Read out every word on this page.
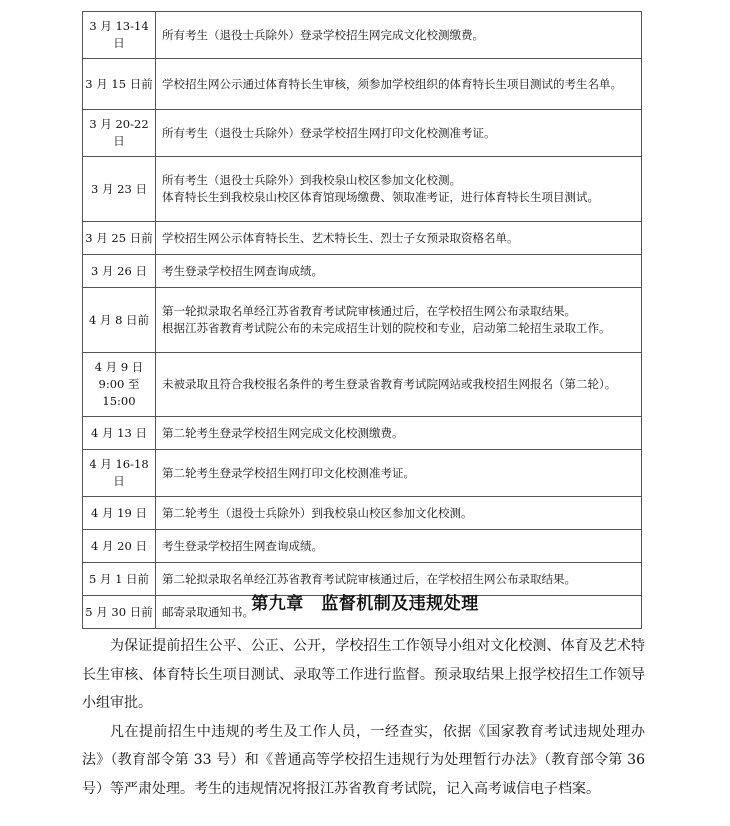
3 月 13-14 日	所有考生（退役士兵除外）登录学校招生网完成文化校测缴费。
3 月 15 日前	学校招生网公示通过体育特长生审核，须参加学校组织的体育特长生项目测试的考生名单。
3 月 20-22 日	所有考生（退役士兵除外）登录学校招生网打印文化校测准考证。
3 月 23 日	所有考生（退役士兵除外）到我校泉山校区参加文化校测。
体育特长生到我校泉山校区体育馆现场缴费、领取准考证，进行体育特长生项目测试。

3 月 25 日前	学校招生网公示体育特长生、艺术特长生、烈士子女预录取资格名单。
3 月 26 日	考生登录学校招生网查询成绩。
4 月 8 日前	第一轮拟录取名单经江苏省教育考试院审核通过后，在学校招生网公布录取结果。
根据江苏省教育考试院公布的未完成招生计划的院校和专业，启动第二轮招生录取工作。

4 月 9 日 9:00 至 15:00	未被录取且符合我校报名条件的考生登录省教育考试院网站或我校招生网报名（第二轮）。
4 月 13 日	第二轮考生登录学校招生网完成文化校测缴费。
4 月 16-18 日	第二轮考生登录学校招生网打印文化校测准考证。
4 月 19 日	第二轮考生（退役士兵除外）到我校泉山校区参加文化校测。
4 月 20 日	考生登录学校招生网查询成绩。
5 月 1 日前	第二轮拟录取名单经江苏省教育考试院审核通过后，在学校招生网公布录取结果。
5 月 30 日前	邮寄录取通知书。
第九章　监督机制及违规处理

为保证提前招生公平、公正、公开，学校招生工作领导小组对文化校测、体育及艺术特长生审核、体育特长生项目测试、录取等工作进行监督。预录取结果上报学校招生工作领导小组审批。

凡在提前招生中违规的考生及工作人员，一经查实，依据《国家教育考试违规处理办法》（教育部令第 33 号）和《普通高等学校招生违规行为处理暂行办法》（教育部令第 36 号）等严肃处理。考生的违规情况将报江苏省教育考试院，记入高考诚信电子档案。
